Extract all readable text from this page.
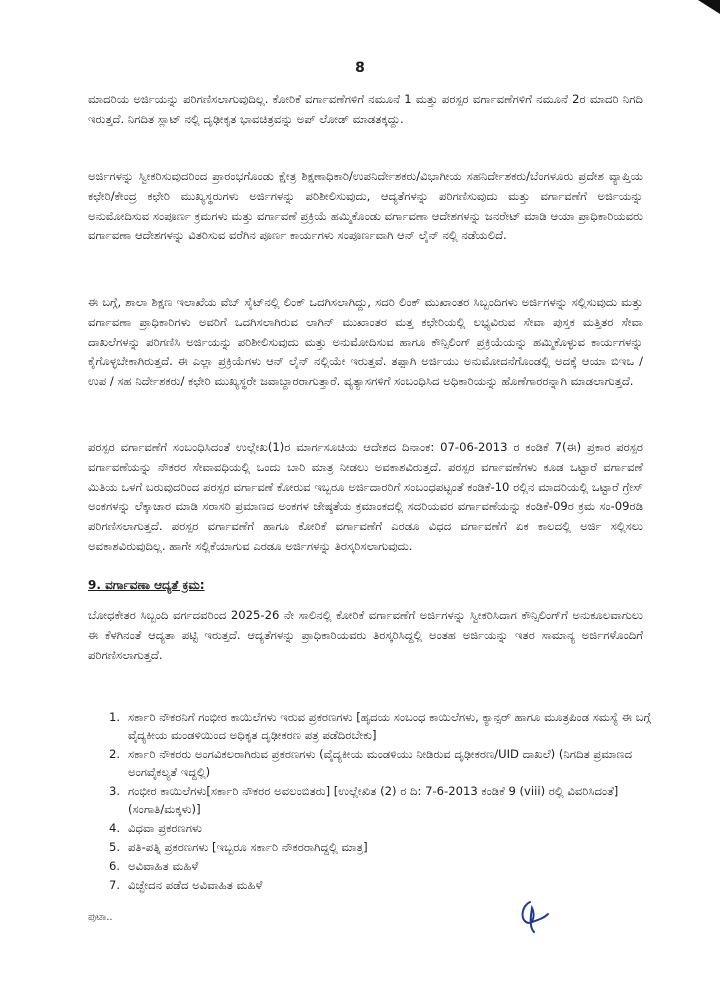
8

ಮಾದರಿಯ ಅರ್ಜಿಯನ್ನು ಪರಿಗಣಿಸಲಾಗುವುದಿಲ್ಲ. ಕೋರಿಕೆ ವರ್ಗಾವಣೆಗಳಿಗೆ ನಮೂನೆ 1 ಮತ್ತು ಪರಸ್ಪರ ವರ್ಗಾವಣೆಗಳಿಗೆ ನಮೂನೆ 2ರ ಮಾದರಿ ನಿಗದಿ ಇರುತ್ತದೆ. ನಿಗದಿತ ಸ್ಲಾಟ್ ನಲ್ಲಿ ದೃಢೀಕೃತ ಭಾವಚಿತ್ರವನ್ನು ಅಪ್ ಲೋಡ್ ಮಾಡತಕ್ಕದ್ದು.

ಅರ್ಜಿಗಳನ್ನು ಸ್ವೀಕರಿಸುವುದರಿಂದ ಪ್ರಾರಂಭಗೊಂಡು ಕ್ಷೇತ್ರ ಶಿಕ್ಷಣಾಧಿಕಾರಿ/ಉಪನಿರ್ದೇಶಕರು/ವಿಭಾಗೀಯ ಸಹನಿರ್ದೇಶಕರು/ಬೆಂಗಳೂರು ಪ್ರದೇಶ ವ್ಯಾಪ್ತಿಯ ಕಛೇರಿ/ಕೇಂದ್ರ ಕಛೇರಿ ಮುಖ್ಯಸ್ಥರುಗಳು ಅರ್ಜಿಗಳನ್ನು ಪರಿಶೀಲಿಸುವುದು, ಆದ್ಯತೆಗಳನ್ನು ಪರಿಗಣಿಸುವುದು ಮತ್ತು ವರ್ಗಾವಣೆಗೆ ಅರ್ಜಿಯನ್ನು ಅನುಮೋದಿಸುವ ಸಂಪೂರ್ಣ ಕ್ರಮಗಳು ಮತ್ತು ವರ್ಗಾವಣೆ ಪ್ರಕ್ರಿಯೆ ಹಮ್ಮಿಕೊಂಡು ವರ್ಗಾವಣಾ ಆದೇಶಗಳನ್ನು ಜನರೇಟ್ ಮಾಡಿ ಆಯಾ ಪ್ರಾಧಿಕಾರಿಯವರು ವರ್ಗಾವಣಾ ಆದೇಶಗಳನ್ನು ವಿತರಿಸುವ ವರೆಗಿನ ಪೂರ್ಣ ಕಾರ್ಯಗಳು ಸಂಪೂರ್ಣವಾಗಿ ಆನ್ ಲೈನ್ ನಲ್ಲಿ ನಡೆಯಲಿದೆ.

ಈ ಬಗ್ಗೆ, ಶಾಲಾ ಶಿಕ್ಷಣ ಇಲಾಖೆಯ ವೆಬ್ ಸೈಟ್‌ನಲ್ಲಿ ಲಿಂಕ್ ಒದಗಿಸಲಾಗಿದ್ದು, ಸದರಿ ಲಿಂಕ್ ಮುಖಾಂತರ ಸಿಬ್ಬಂದಿಗಳು ಅರ್ಜಿಗಳನ್ನು ಸಲ್ಲಿಸುವುದು ಮತ್ತು ವರ್ಗಾವಣಾ ಪ್ರಾಧಿಕಾರಿಗಳು ಅವರಿಗೆ ಒದಗಿಸಲಾಗಿರುವ ಲಾಗಿನ್ ಮುಖಾಂತರ ಮತ್ತ ಕಛೇರಿಯಲ್ಲಿ ಲಭ್ಯವಿರುವ ಸೇವಾ ಪುಸ್ತಕ ಮತ್ತಿತರ ಸೇವಾ ದಾಖಲೆಗಳನ್ನು ಪರಿಗಣಿಸಿ ಅರ್ಜಿಯನ್ನು ಪರಿಶೀಲಿಸುವುದು ಮತ್ತು ಅನುಮೋದಿಸುವ ಹಾಗೂ ಕೌನ್ಸಿಲಿಂಗ್ ಪ್ರಕ್ರಿಯೆಯನ್ನು ಹಮ್ಮಿಕೊಳ್ಳುವ ಕಾರ್ಯಗಳನ್ನು ಕೈಗೊಳ್ಳಬೇಕಾಗಿರುತ್ತದೆ. ಈ ಎಲ್ಲಾ ಪ್ರಕ್ರಿಯೆಗಳು ಆನ್ ಲೈನ್ ನಲ್ಲಿಯೇ ಇರುತ್ತವೆ. ತಪ್ಪಾಗಿ ಅರ್ಜಿಯು ಅನುಮೋದನೆಗೊಂಡಲ್ಲಿ ಅದಕ್ಕೆ ಆಯಾ ಬಿಇಒ / ಉಪ / ಸಹ ನಿರ್ದೇಶಕರು/ ಕಛೇರಿ ಮುಖ್ಯಸ್ಥರೇ ಜವಾಬ್ದಾರರಾಗುತ್ತಾರೆ. ವ್ಯತ್ಯಾಸಗಳಿಗೆ ಸಂಬಂಧಿಸಿದ ಅಧಿಕಾರಿಯನ್ನು ಹೊಣೆಗಾರರನ್ನಾಗಿ ಮಾಡಲಾಗುತ್ತದೆ.

ಪರಸ್ಪರ ವರ್ಗಾವಣೆಗೆ ಸಂಬಂಧಿಸಿದಂತೆ ಉಲ್ಲೇಖ(1)ರ ಮಾರ್ಗಸೂಚಿಯ ಆದೇಶದ ದಿನಾಂಕ: 07-06-2013 ರ ಕಂಡಿಕೆ 7(ಈ) ಪ್ರಕಾರ ಪರಸ್ಪರ ವರ್ಗಾವಣೆಯನ್ನು ನೌಕರರ ಸೇವಾವಧಿಯಲ್ಲಿ ಒಂದು ಬಾರಿ ಮಾತ್ರ ನೀಡಲು ಅವಕಾಶವಿರುತ್ತದೆ. ಪರಸ್ಪರ ವರ್ಗಾವಣೆಗಳು ಕೂಡ ಒಟ್ಟಾರೆ ವರ್ಗಾವಣೆ ಮಿತಿಯ ಒಳಗೆ ಬರುವುದರಿಂದ ಪರಸ್ಪರ ವರ್ಗಾವಣೆ ಕೋರುವ ಇಬ್ಬರೂ ಅರ್ಜಿದಾರರಿಗೆ ಸಂಬಂಧಪಟ್ಟಂತೆ ಕಂಡಿಕೆ-10 ರಲ್ಲಿನ ಮಾದರಿಯಲ್ಲಿ ಒಟ್ಟಾರೆ ಗ್ರೇಸ್ ಅಂಕಗಳನ್ನು ಲೆಕ್ಕಾಚಾರ ಮಾಡಿ ಸರಾಸರಿ ಪ್ರಮಾಣದ ಅಂಕಗಳ ಜೇಷ್ಠತೆಯ ಕ್ರಮಾಂಕದಲ್ಲಿ ಸದರಿಯವರ ವರ್ಗಾವಣೆಯನ್ನು ಕಂಡಿಕೆ-09ರ ಕ್ರಮ ಸಂ-09ರಡಿ ಪರಿಗಣಿಸಲಾಗುತ್ತದೆ. ಪರಸ್ಪರ ವರ್ಗಾವಣೆಗೆ ಹಾಗೂ ಕೋರಿಕೆ ವರ್ಗಾವಣೆಗೆ ಎರಡೂ ವಿಧದ ವರ್ಗಾವಣೆಗೆ ಏಕ ಕಾಲದಲ್ಲಿ ಅರ್ಜಿ ಸಲ್ಲಿಸಲು ಅವಕಾಶವಿರುವುದಿಲ್ಲ. ಹಾಗೇ ಸಲ್ಲಿಕೆಯಾಗುವ ಎರಡೂ ಅರ್ಜಿಗಳನ್ನು ತಿರಸ್ಕರಿಸಲಾಗುವುದು.

9. ವರ್ಗಾವಣಾ ಆದ್ಯತೆ ಕ್ರಮ:

ಬೋಧಕೇತರ ಸಿಬ್ಬಂದಿ ವರ್ಗದವರಿಂದ 2025-26 ನೇ ಸಾಲಿನಲ್ಲಿ ಕೋರಿಕೆ ವರ್ಗಾವಣೆಗೆ ಅರ್ಜಿಗಳನ್ನು ಸ್ವೀಕರಿಸಿದಾಗ ಕೌನ್ಸಿಲಿಂಗ್‌ಗೆ ಅನುಕೂಲವಾಗುಲು ಈ ಕೆಳಗಿನಂತೆ ಆದ್ಯತಾ ಪಟ್ಟಿ ಇರುತ್ತದೆ. ಆದ್ಯತೆಗಳನ್ನು ಪ್ರಾಧಿಕಾರಿಯವರು ತಿರಸ್ಕರಿಸಿದ್ದಲ್ಲಿ ಅಂತಹ ಅರ್ಜಿಯನ್ನು ಇತರ ಸಾಮಾನ್ಯ ಅರ್ಜಿಗಳೊಂದಿಗೆ ಪರಿಗಣಿಸಲಾಗುತ್ತದೆ.

1. ಸರ್ಕಾರಿ ನೌಕರನಿಗೆ ಗಂಭೀರ ಕಾಯಿಲೆಗಳು ಇರುವ ಪ್ರಕರಣಗಳು [ಹೃದಯ ಸಂಬಂಧ ಕಾಯಿಲೆಗಳು, ಕ್ಯಾನ್ಸರ್ ಹಾಗೂ ಮೂತ್ರಪಿಂಡ ಸಮಸ್ಯೆ ಈ ಬಗ್ಗೆ ವೈದ್ಯಕೀಯ ಮಂಡಳಿಯಿಂದ ಅಧಿಕೃತ ದೃಢೀಕರಣ ಪತ್ರ ಪಡೆದಿರಬೇಕು]
2. ಸರ್ಕಾರಿ ನೌಕರರು ಅಂಗವಿಕಲರಾಗಿರುವ ಪ್ರಕರಣಗಳು (ವೈದ್ಯಕೀಯ ಮಂಡಳಿಯು ನೀಡಿರುವ ದೃಢೀಕರಣ/UID ದಾಖಲೆ) (ನಿಗದಿತ ಪ್ರಮಾಣದ ಅಂಗವೈಕಲ್ಯತೆ ಇದ್ದಲ್ಲಿ)
3. ಗಂಭೀರ ಕಾಯಿಲೆಗಳು[ಸರ್ಕಾರಿ ನೌಕರರ ಅವಲಂಬಿತರು] [ಉಲ್ಲೇಖಿತ (2) ರ ದಿ: 7-6-2013 ಕಂಡಿಕೆ 9 (viii) ರಲ್ಲಿ ವಿವರಿಸಿದಂತೆ](ಸಂಗಾತಿ/ಮಕ್ಕಳು)]
4. ವಿಧವಾ ಪ್ರಕರಣಗಳು
5. ಪತಿ-ಪತ್ನಿ ಪ್ರಕರಣಗಳು [ಇಬ್ಬರೂ ಸರ್ಕಾರಿ ನೌಕರರಾಗಿದ್ದಲ್ಲಿ ಮಾತ್ರ]
6. ಅವಿವಾಹಿತ ಮಹಿಳೆ
7. ವಿಚ್ಛೇದನ ಪಡೆದ ಅವಿವಾಹಿತ ಮಹಿಳೆ
ಪುಟಾ..
